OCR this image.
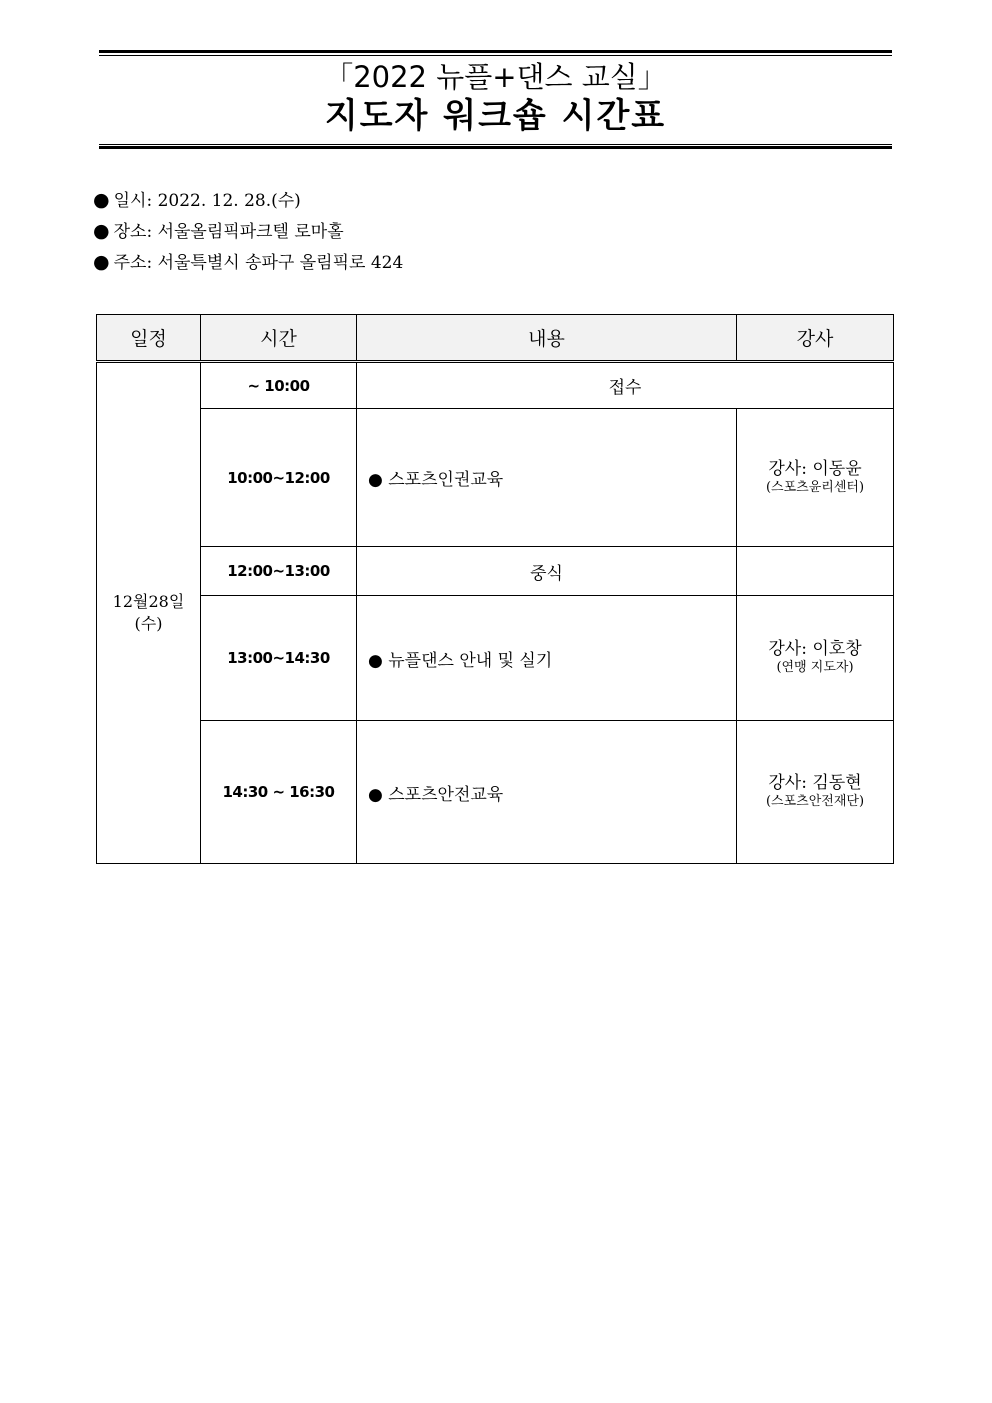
「2022 뉴플+댄스 교실」
지도자 워크숍 시간표
● 일시: 2022. 12. 28.(수)
● 장소: 서울올림픽파크텔 로마홀
● 주소: 서울특별시 송파구 올림픽로 424
일정	시간	내용	강사

12월28일
(수)	~ 10:00	접수	
	10:00~12:00	● 스포츠인권교육	강사: 이동윤
(스포츠윤리센터)

	12:00~13:00	중식	
	13:00~14:30	● 뉴플댄스 안내 및 실기	강사: 이호창
(연맹 지도자)

	14:30 ~ 16:30	● 스포츠안전교육	강사: 김동현
(스포츠안전재단)
